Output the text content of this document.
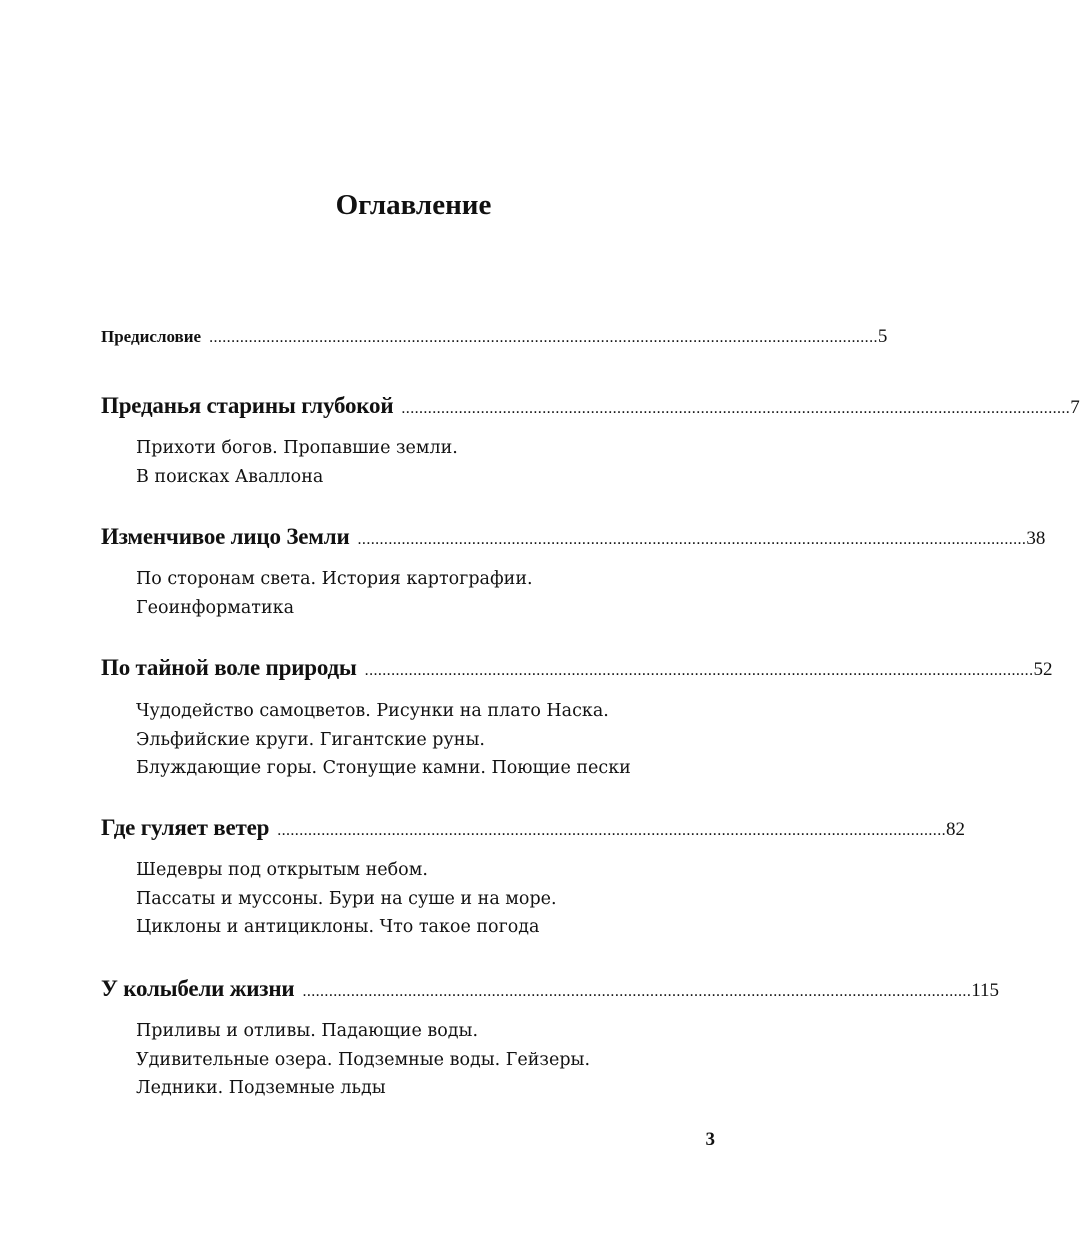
Оглавление
Предисловие ........................................................................................................................................................ 5
Преданья старины глубокой ........................................................................................................................................................ 7
Прихоти богов. Пропавшие земли.
В поисках Аваллона
Изменчивое лицо Земли ........................................................................................................................................................ 38
По сторонам света. История картографии.
Геоинформатика
По тайной воле природы ........................................................................................................................................................ 52
Чудодейство самоцветов. Рисунки на плато Наска.
Эльфийские круги. Гигантские руны.
Блуждающие горы. Стонущие камни. Поющие пески
Где гуляет ветер ........................................................................................................................................................ 82
Шедевры под открытым небом.
Пассаты и муссоны. Бури на суше и на море.
Циклоны и антициклоны. Что такое погода
У колыбели жизни ........................................................................................................................................................ 115
Приливы и отливы. Падающие воды.
Удивительные озера. Подземные воды. Гейзеры.
Ледники. Подземные льды
3
